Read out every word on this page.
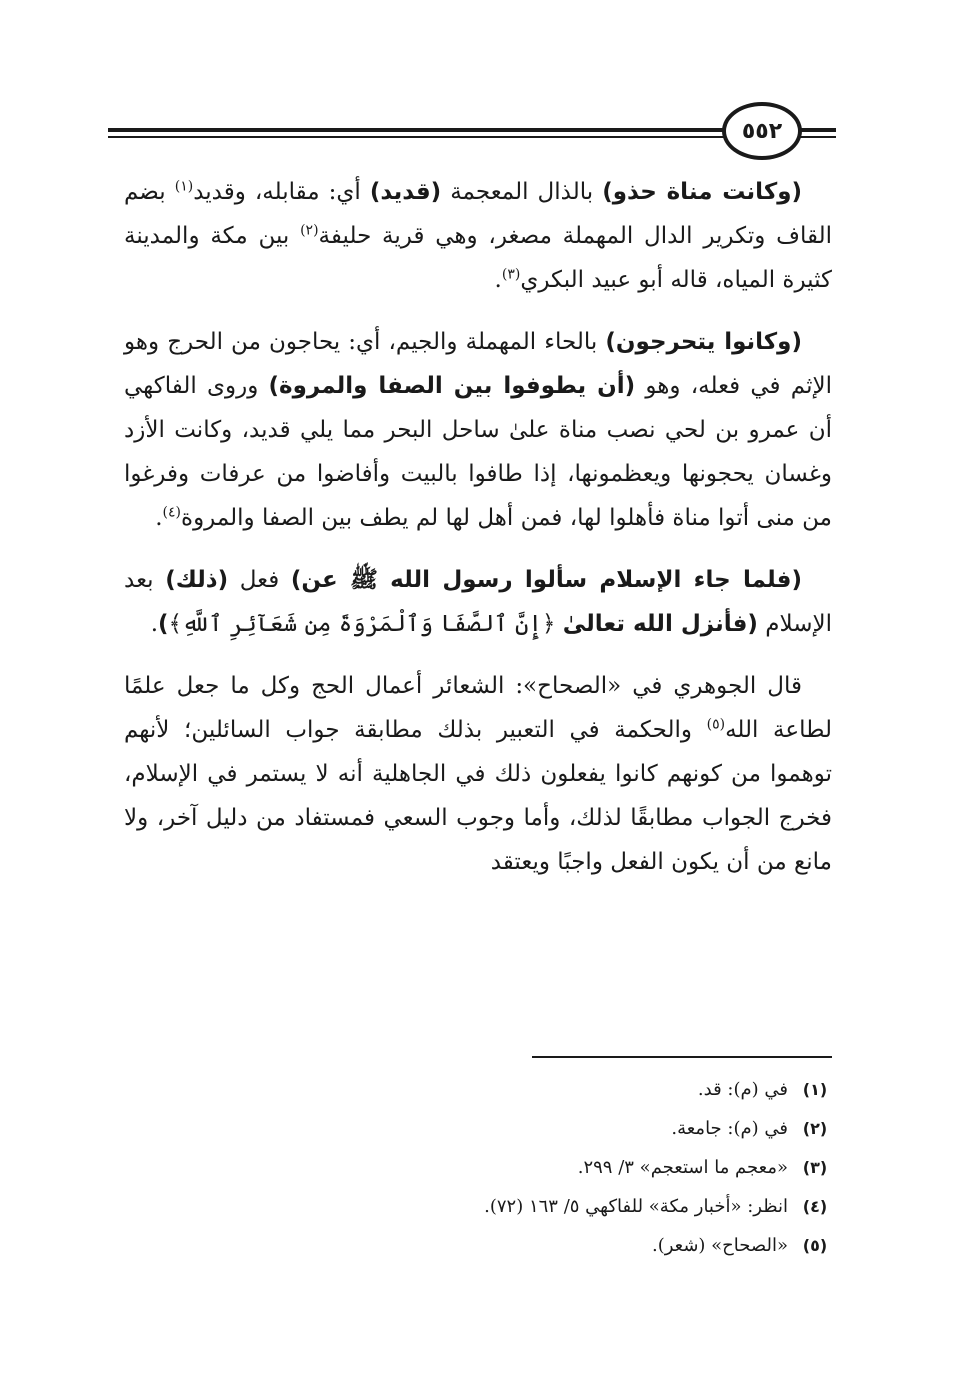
٥٥٢
(وكانت مناة حذو) بالذال المعجمة (قديد) أي: مقابله، وقديد$^{(١)}$ بضم القاف وتكرير الدال المهملة مصغر، وهي قرية حليفة$^{(٢)}$ بين مكة والمدينة كثيرة المياه، قاله أبو عبيد البكري$^{(٣)}$.
(وكانوا يتحرجون) بالحاء المهملة والجيم، أي: يحاجون من الحرج وهو الإثم في فعله، وهو (أن يطوفوا بين الصفا والمروة) وروى الفاكهي أن عمرو بن لحي نصب مناة علىٰ ساحل البحر مما يلي قديد، وكانت الأزد وغسان يحجونها ويعظمونها، إذا طافوا بالبيت وأفاضوا من عرفات وفرغوا من منى أتوا مناة فأهلوا لها، فمن أهل لها لم يطف بين الصفا والمروة$^{(٤)}$.
(فلما جاء الإسلام سألوا رسول الله ﷺ عن) فعل (ذلك) بعد الإسلام (فأنزل الله تعالىٰ ﴿إِنَّ ٱلصَّفَا وَٱلْمَرْوَةَ مِن شَعَآئِرِ ٱللَّهِ﴾).
قال الجوهري في «الصحاح»: الشعائر أعمال الحج وكل ما جعل علمًا لطاعة الله$^{(٥)}$ والحكمة في التعبير بذلك مطابقة جواب السائلين؛ لأنهم توهموا من كونهم كانوا يفعلون ذلك في الجاهلية أنه لا يستمر في الإسلام، فخرج الجواب مطابقًا لذلك، وأما وجوب السعي فمستفاد من دليل آخر، ولا مانع من أن يكون الفعل واجبًا ويعتقد
(١)
في (م): قد.
(٢)
في (م): جامعة.
(٣)
«معجم ما استعجم» ٣/ ٢٩٩.
(٤)
انظر: «أخبار مكة» للفاكهي ٥/ ١٦٣ (٧٢).
(٥)
«الصحاح» (شعر).
